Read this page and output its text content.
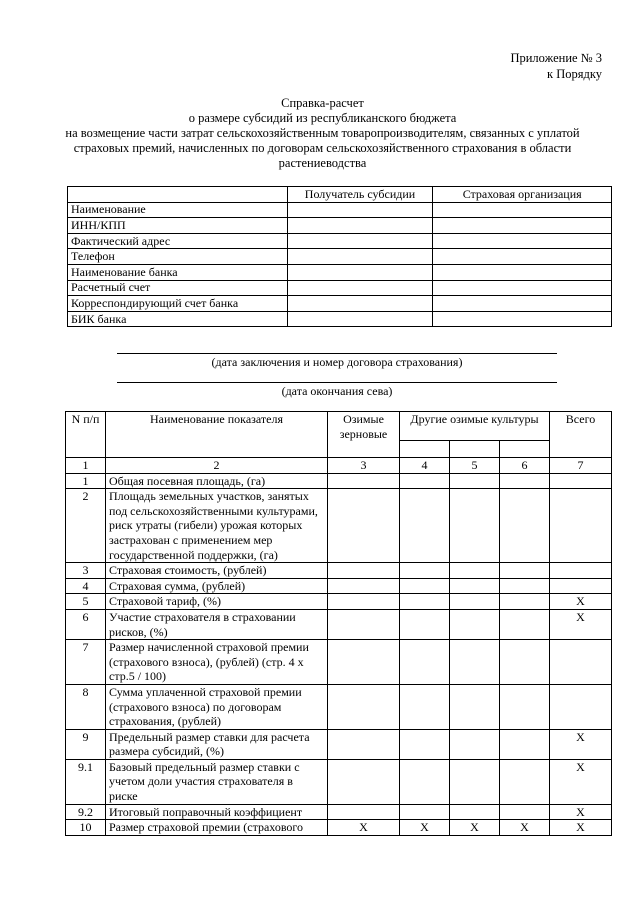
Приложение № 3
к Порядку
Справка-расчет
о размере субсидий из республиканского бюджета
на возмещение части затрат сельскохозяйственным товаропроизводителям, связанных с уплатой
страховых премий, начисленных по договорам сельскохозяйственного страхования в области
растениеводства
	Получатель субсидии	Страховая организация
Наименование		
ИНН/КПП		
Фактический адрес		
Телефон		
Наименование банка		
Расчетный счет		
Корреспондирующий счет банка		
БИК банка		
(дата заключения и номер договора страхования)
(дата окончания сева)
N п/п	Наименование показателя	Озимые зерновые	Другие озимые культуры			Всего

1	2	3	4	5	6	7
1	Общая посевная площадь, (га)					
2	Площадь земельных участков, занятых под сельскохозяйственными культурами, риск утраты (гибели) урожая которых застрахован с применением мер государственной поддержки, (га)					
3	Страховая стоимость, (рублей)					
4	Страховая сумма, (рублей)					
5	Страховой тариф, (%)					X
6	Участие страхователя в страховании рисков, (%)					X
7	Размер начисленной страховой премии (страхового взноса), (рублей) (стр. 4 x стр.5 / 100)					
8	Сумма уплаченной страховой премии (страхового взноса) по договорам страхования, (рублей)					
9	Предельный размер ставки для расчета размера субсидий, (%)					X
9.1	Базовый предельный размер ставки с учетом доли участия страхователя в риске					X
9.2	Итоговый поправочный коэффициент					X
10	Размер страховой премии (страхового	X	X	X	X	X
